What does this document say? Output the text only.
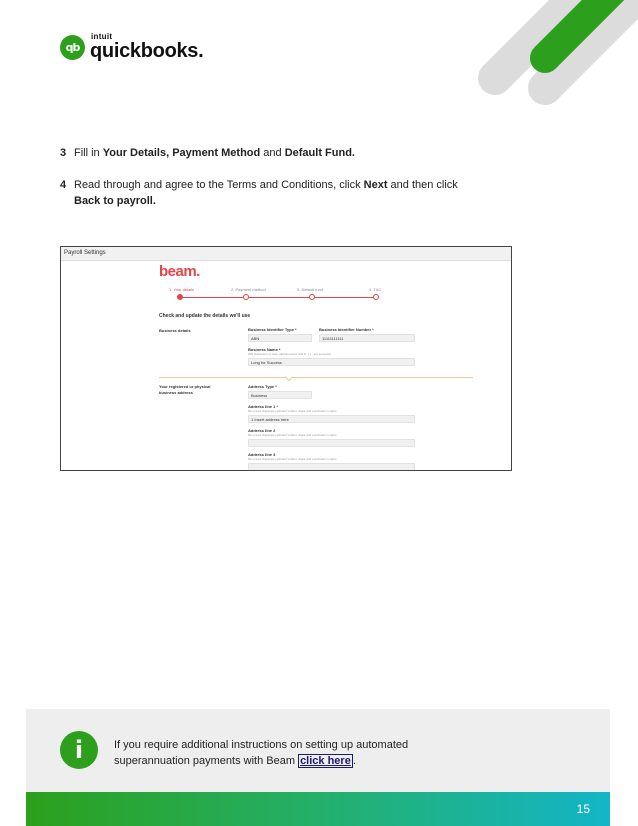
qb
intuit
quickbooks.
3 Fill in Your Details, Payment Method and Default Fund.
4 Read through and agree to the Terms and Conditions, click Next and then click
Back to payroll.
Payroll Settings
beam.
1. Your details	2. Payment method	3. Default fund	4. T&C
Check and update the details we'll use
Business details	Business Identifier Type *
ABN
Business Identifier Number *
11111111111
Business Name *
200 characters or less; alphanumeric and & ' ( ) - are accepted
Long for Success
Your registered or physical
business address
Address Type *
Business
Address line 1 *
50 or less characters allowed; letters, digits and punctuation marks
1 Insert address here
Address line 2
50 or less characters allowed; letters, digits and punctuation marks
Address line 3
50 or less characters allowed; letters, digits and punctuation marks
i	If you require additional instructions on setting up automated
superannuation payments with Beam click here .
15
